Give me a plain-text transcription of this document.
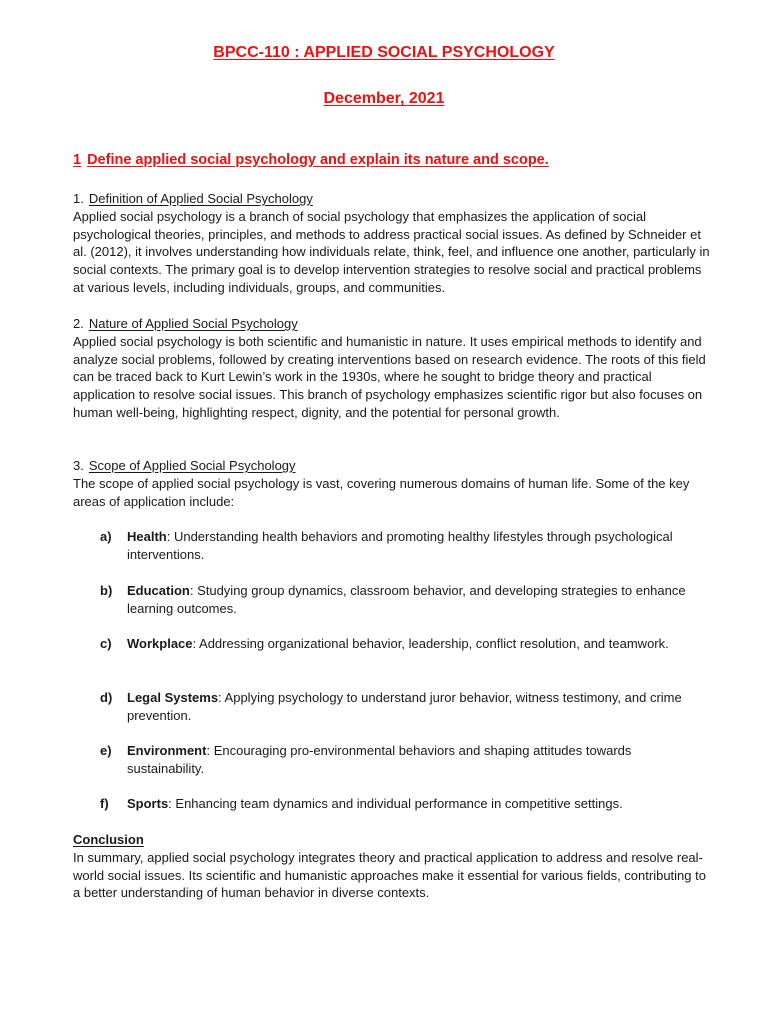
BPCC-110 : APPLIED SOCIAL PSYCHOLOGY
December, 2021
1 Define applied social psychology and explain its nature and scope.
1. Definition of Applied Social Psychology

Applied social psychology is a branch of social psychology that emphasizes the application of social psychological theories, principles, and methods to address practical social issues. As defined by Schneider et al. (2012), it involves understanding how individuals relate, think, feel, and influence one another, particularly in social contexts. The primary goal is to develop intervention strategies to resolve social and practical problems at various levels, including individuals, groups, and communities.

2. Nature of Applied Social Psychology

Applied social psychology is both scientific and humanistic in nature. It uses empirical methods to identify and analyze social problems, followed by creating interventions based on research evidence. The roots of this field can be traced back to Kurt Lewin’s work in the 1930s, where he sought to bridge theory and practical application to resolve social issues. This branch of psychology emphasizes scientific rigor but also focuses on human well-being, highlighting respect, dignity, and the potential for personal growth.

3. Scope of Applied Social Psychology

The scope of applied social psychology is vast, covering numerous domains of human life. Some of the key areas of application include:

a) Health: Understanding health behaviors and promoting healthy lifestyles through psychological interventions.
b) Education: Studying group dynamics, classroom behavior, and developing strategies to enhance learning outcomes.
c) Workplace: Addressing organizational behavior, leadership, conflict resolution, and teamwork.
d) Legal Systems: Applying psychology to understand juror behavior, witness testimony, and crime prevention.
e) Environment: Encouraging pro-environmental behaviors and shaping attitudes towards sustainability.
f) Sports: Enhancing team dynamics and individual performance in competitive settings.
Conclusion

In summary, applied social psychology integrates theory and practical application to address and resolve real-world social issues. Its scientific and humanistic approaches make it essential for various fields, contributing to a better understanding of human behavior in diverse contexts.
